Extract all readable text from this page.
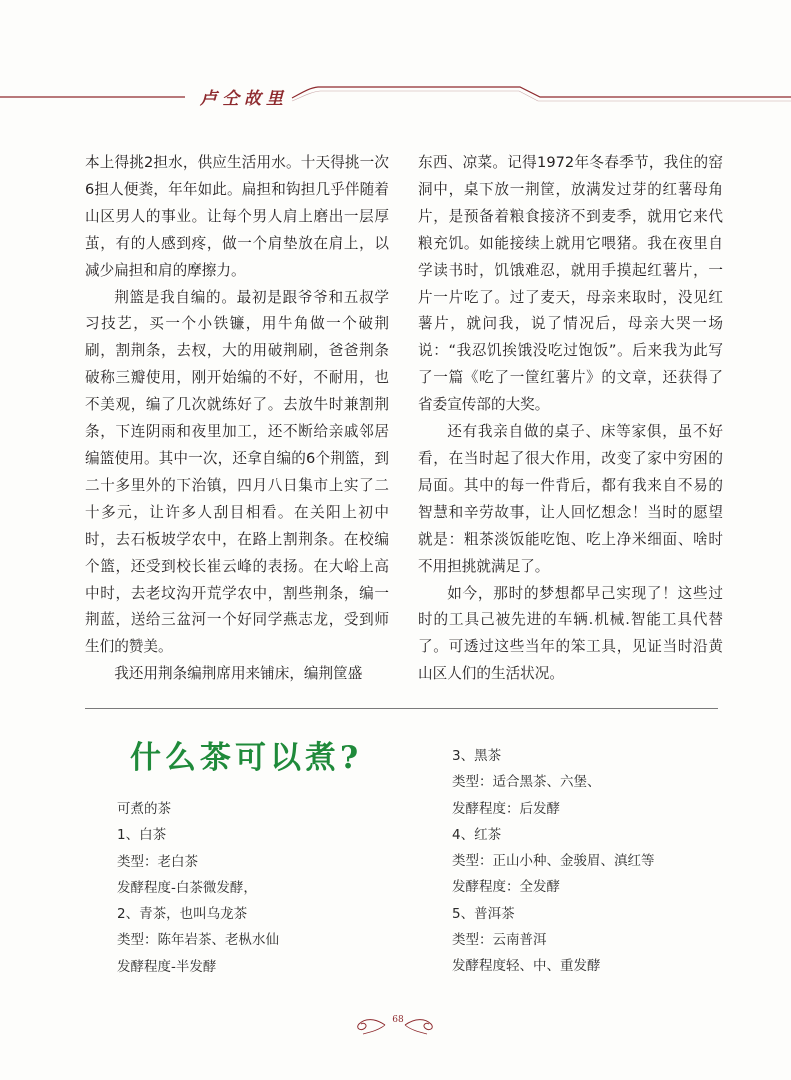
卢仝故里

本上得挑2担水，供应生活用水。十天得挑一次6担人便粪，年年如此。扁担和钩担几乎伴随着山区男人的事业。让每个男人肩上磨出一层厚茧，有的人感到疼，做一个肩垫放在肩上，以减少扁担和肩的摩擦力。

荆篮是我自编的。最初是跟爷爷和五叔学习技艺，买一个小铁镰，用牛角做一个破荆刷，割荆条，去杈，大的用破荆刷，爸爸荆条破称三瓣使用，刚开始编的不好，不耐用，也不美观，编了几次就练好了。去放牛时兼割荆条，下连阴雨和夜里加工，还不断给亲戚邻居编篮使用。其中一次，还拿自编的6个荆篮，到二十多里外的下治镇，四月八日集市上实了二十多元，让许多人刮目相看。在关阳上初中时，去石板坡学农中，在路上割荆条。在校编个篮，还受到校长崔云峰的表扬。在大峪上高中时，去老坟沟开荒学农中，割些荆条，编一荆蓝，送给三盆河一个好同学燕志龙，受到师生们的赞美。

我还用荆条编荆席用来铺床，编荆筐盛

东西、凉菜。记得1972年冬春季节，我住的窑洞中，桌下放一荆筐，放满发过芽的红薯母角片，是预备着粮食接济不到麦季，就用它来代粮充饥。如能接续上就用它喂猪。我在夜里自学读书时，饥饿难忍，就用手摸起红薯片，一片一片吃了。过了麦天，母亲来取时，没见红薯片，就问我，说了情况后，母亲大哭一场说：“我忍饥挨饿没吃过饱饭”。后来我为此写了一篇《吃了一筐红薯片》的文章，还获得了省委宣传部的大奖。

还有我亲自做的桌子、床等家俱，虽不好看，在当时起了很大作用，改变了家中穷困的局面。其中的每一件背后，都有我来自不易的智慧和辛劳故事，让人回忆想念！当时的愿望就是：粗茶淡饭能吃饱、吃上净米细面、啥时不用担挑就满足了。

如今，那时的梦想都早己实现了！这些过时的工具己被先进的车辆.机械.智能工具代替了。可透过这些当年的笨工具，见证当时沿黄山区人们的生活状况。

什么茶可以煮?
可煮的茶
1、白茶
类型：老白茶
发酵程度-白茶微发酵，
2、青茶，也叫乌龙茶
类型：陈年岩茶、老枞水仙
发酵程度-半发酵
3、黑茶
类型：适合黑茶、六堡、
发酵程度：后发酵
4、红茶
类型：正山小种、金骏眉、滇红等
发酵程度：全发酵
5、普洱茶
类型：云南普洱
发酵程度轻、中、重发酵
68
